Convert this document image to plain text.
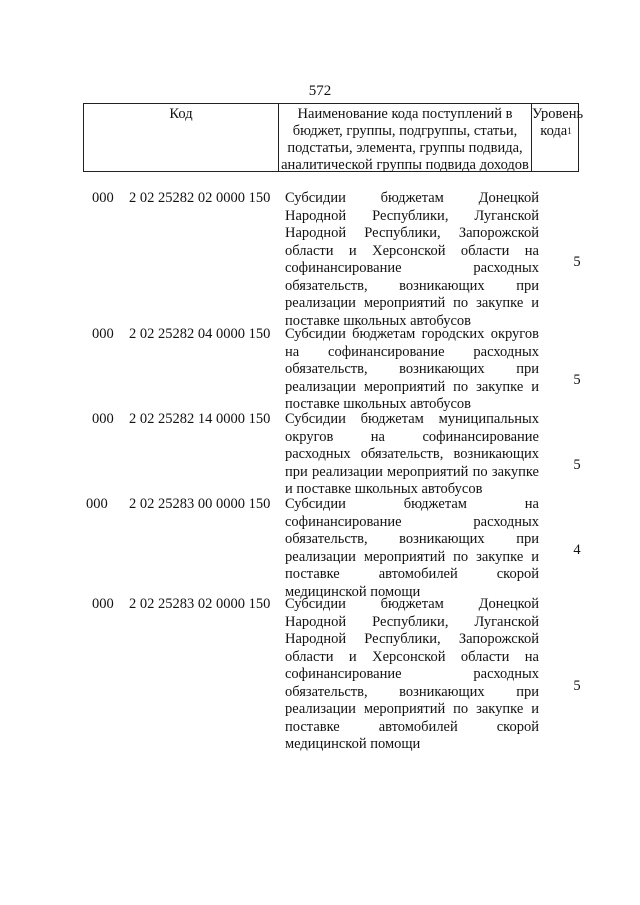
572
Код	Наименование кода поступлений в
бюджет, группы, подгруппы, статьи,
подстатьи, элемента, группы подвида,
аналитической группы подвида доходов
Уровень
кода$^1$
000 2 02 25282 02 0000 150 Субсидии бюджетам Донецкой
Народной Республики, Луганской
Народной Республики, Запорожской
области и Херсонской области на
софинансирование расходных
обязательств, возникающих при
реализации мероприятий по закупке и
поставке школьных автобусов
5
000 2 02 25282 04 0000 150 Субсидии бюджетам городских округов
на софинансирование расходных
обязательств, возникающих при
реализации мероприятий по закупке и
поставке школьных автобусов
5
000 2 02 25282 14 0000 150 Субсидии бюджетам муниципальных
округов на софинансирование
расходных обязательств, возникающих
при реализации мероприятий по закупке
и поставке школьных автобусов
5
000 2 02 25283 00 0000 150 Субсидии бюджетам на
софинансирование расходных
обязательств, возникающих при
реализации мероприятий по закупке и
поставке автомобилей скорой
медицинской помощи
4
000 2 02 25283 02 0000 150 Субсидии бюджетам Донецкой
Народной Республики, Луганской
Народной Республики, Запорожской
области и Херсонской области на
софинансирование расходных
обязательств, возникающих при
реализации мероприятий по закупке и
поставке автомобилей скорой
медицинской помощи
5
